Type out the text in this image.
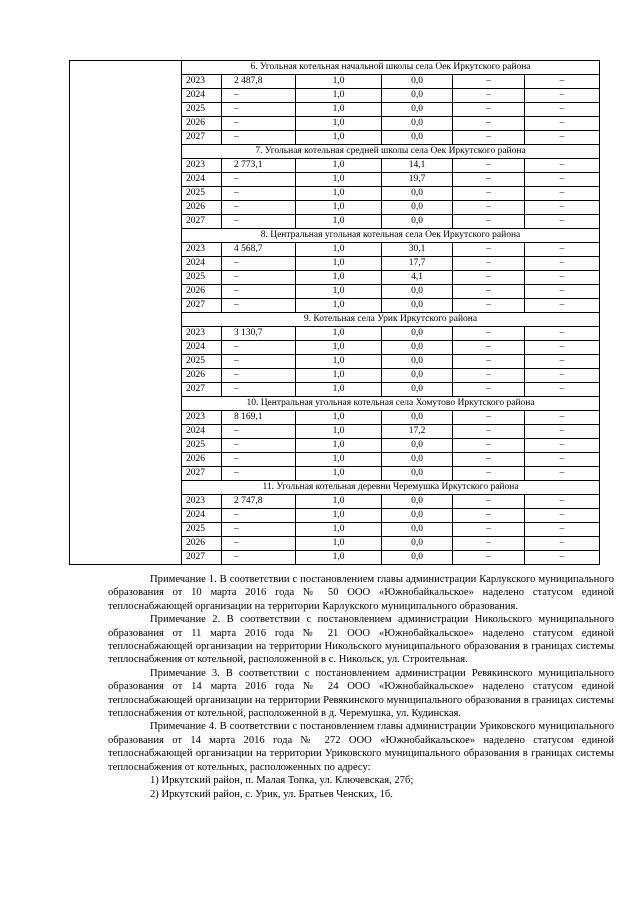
	6. Угольная котельная начальной школы села Оек Иркутского района					
	2023	2 487,8	1,0	0,0	–	–
	2024	–	1,0	0,0	–	–
	2025	–	1,0	0,0	–	–
	2026	–	1,0	0,0	–	–
	2027	–	1,0	0,0	–	–
	7. Угольная котельная средней школы села Оек Иркутского района					
	2023	2 773,1	1,0	14,1	–	–
	2024	–	1,0	19,7	–	–
	2025	–	1,0	0,0	–	–
	2026	–	1,0	0,0	–	–
	2027	–	1,0	0,0	–	–
	8. Центральная угольная котельная села Оек Иркутского района					
	2023	4 568,7	1,0	30,1	–	–
	2024	–	1,0	17,7	–	–
	2025	–	1,0	4,1	–	–
	2026	–	1,0	0,0	–	–
	2027	–	1,0	0,0	–	–
	9. Котельная села Урик Иркутского района					
	2023	3 130,7	1,0	0,0	–	–
	2024	–	1,0	0,0	–	–
	2025	–	1,0	0,0	–	–
	2026	–	1,0	0,0	–	–
	2027	–	1,0	0,0	–	–
	10. Центральная угольная котельная села Хомутово Иркутского района					
	2023	8 169,1	1,0	0,0	–	–
	2024	–	1,0	17,2	–	–
	2025	–	1,0	0,0	–	–
	2026	–	1,0	0,0	–	–
	2027	–	1,0	0,0	–	–
	11. Угольная котельная деревни Черемушка Иркутского района					
	2023	2 747,8	1,0	0,0	–	–
	2024	–	1,0	0,0	–	–
	2025	–	1,0	0,0	–	–
	2026	–	1,0	0,0	–	–
	2027	–	1,0	0,0	–	–

Примечание 1. В соответствии с постановлением главы администрации Карлукского муниципального образования от 10 марта 2016 года № 50 ООО «Южнобайкальское» наделено статусом единой теплоснабжающей организации на территории Карлукского муниципального образования.

Примечание 2. В соответствии с постановлением администрации Никольского муниципального образования от 11 марта 2016 года № 21 ООО «Южнобайкальское» наделено статусом единой теплоснабжающей организации на территории Никольского муниципального образования в границах системы теплоснабжения от котельной, расположенной в с. Никольск, ул. Строительная.

Примечание 3. В соответствии с постановлением администрации Ревякинского муниципального образования от 14 марта 2016 года № 24 ООО «Южнобайкальское» наделено статусом единой теплоснабжающей организации на территории Ревякинского муниципального образования в границах системы теплоснабжения от котельной, расположенной в д. Черемушка, ул. Кудинская.

Примечание 4. В соответствии с постановлением главы администрации Уриковского муниципального образования от 14 марта 2016 года № 272 ООО «Южнобайкальское» наделено статусом единой теплоснабжающей организации на территории Уриковского муниципального образования в границах системы теплоснабжения от котельных, расположенных по адресу:

1) Иркутский район, п. Малая Топка, ул. Ключевская, 27б;

2) Иркутский район, с. Урик, ул. Братьев Ченских, 1б.
